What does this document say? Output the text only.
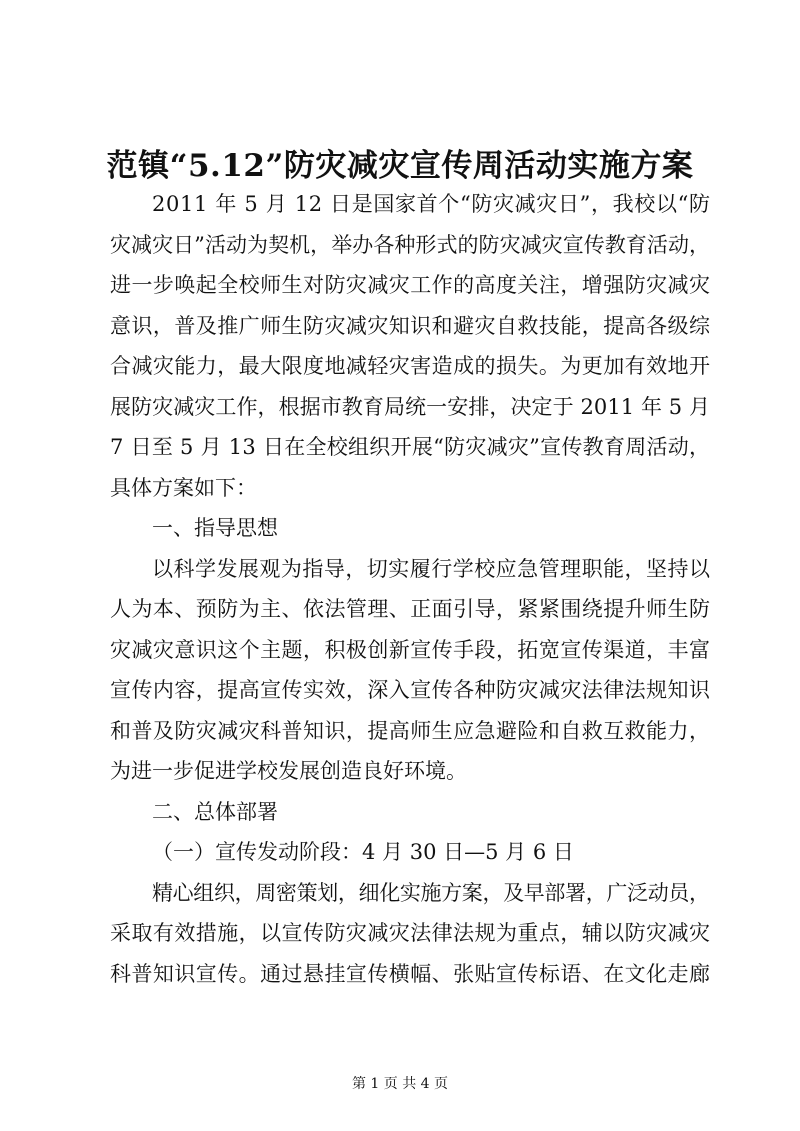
范镇“5.12”防灾减灾宣传周活动实施方案
2011 年 5 月 12 日是国家首个“防灾减灾日”，我校以“防
灾减灾日”活动为契机，举办各种形式的防灾减灾宣传教育活动，
进一步唤起全校师生对防灾减灾工作的高度关注，增强防灾减灾
意识，普及推广师生防灾减灾知识和避灾自救技能，提高各级综
合减灾能力，最大限度地减轻灾害造成的损失。为更加有效地开
展防灾减灾工作，根据市教育局统一安排，决定于 2011 年 5 月
7 日至 5 月 13 日在全校组织开展“防灾减灾”宣传教育周活动，
具体方案如下：
一、指导思想
以科学发展观为指导，切实履行学校应急管理职能，坚持以
人为本、预防为主、依法管理、正面引导，紧紧围绕提升师生防
灾减灾意识这个主题，积极创新宣传手段，拓宽宣传渠道，丰富
宣传内容，提高宣传实效，深入宣传各种防灾减灾法律法规知识
和普及防灾减灾科普知识，提高师生应急避险和自救互救能力，
为进一步促进学校发展创造良好环境。
二、总体部署
（一）宣传发动阶段：4 月 30 日—5 月 6 日
精心组织，周密策划，细化实施方案，及早部署，广泛动员，
采取有效措施，以宣传防灾减灾法律法规为重点，辅以防灾减灾
科普知识宣传。通过悬挂宣传横幅、张贴宣传标语、在文化走廊
第 1 页 共 4 页
